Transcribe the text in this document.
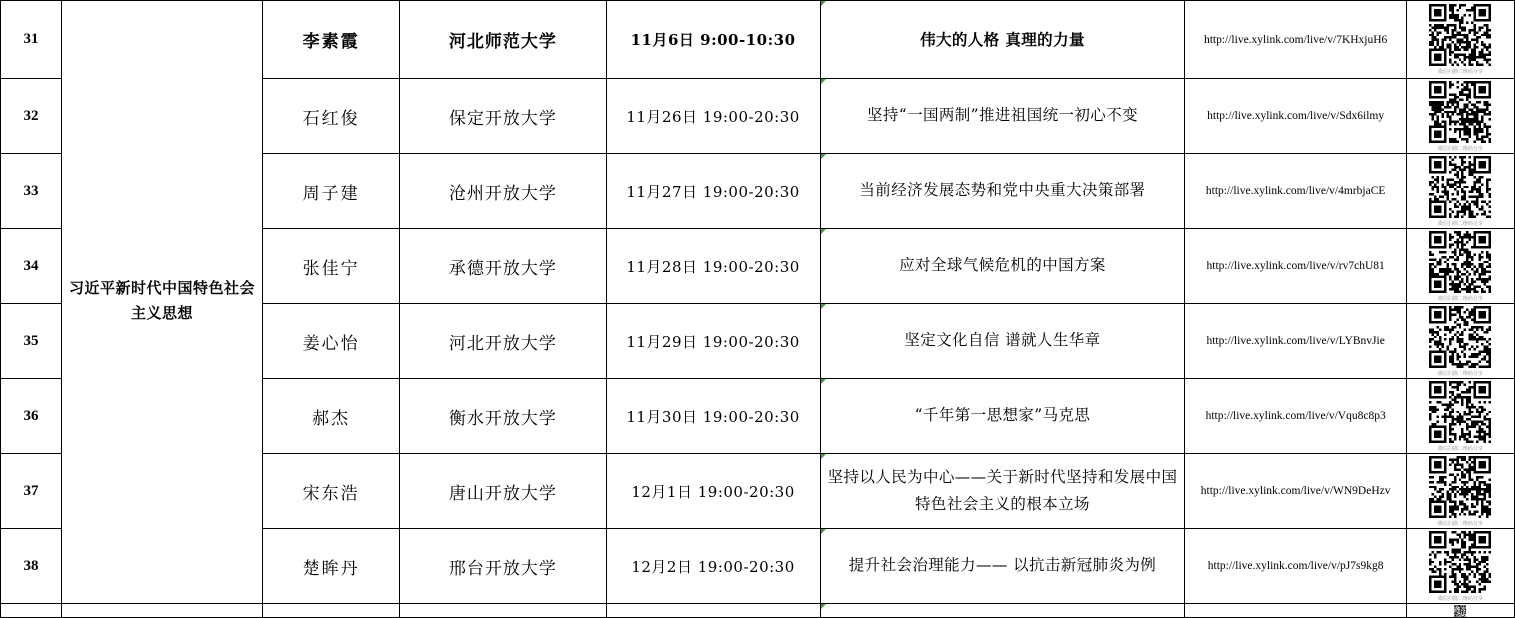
31	习近平新时代中国特色社会主义思想	李素霞	河北师范大学	11月6日 9:00-10:30	伟大的人格 真理的力量	http://live.xylink.com/live/v/7KHxjuH6	微信扫描二维码分享

32		石红俊	保定开放大学	11月26日 19:00-20:30	坚持“一国两制”推进祖国统一初心不变	http://live.xylink.com/live/v/Sdx6ilmy	微信扫描二维码分享

33		周子建	沧州开放大学	11月27日 19:00-20:30	当前经济发展态势和党中央重大决策部署	http://live.xylink.com/live/v/4mrbjaCE	微信扫描二维码分享

34		张佳宁	承德开放大学	11月28日 19:00-20:30	应对全球气候危机的中国方案	http://live.xylink.com/live/v/rv7chU81	微信扫描二维码分享

35		姜心怡	河北开放大学	11月29日 19:00-20:30	坚定文化自信 谱就人生华章	http://live.xylink.com/live/v/LYBnvJie	微信扫描二维码分享

36		郝杰	衡水开放大学	11月30日 19:00-20:30	“千年第一思想家”马克思	http://live.xylink.com/live/v/Vqu8c8p3	微信扫描二维码分享

37		宋东浩	唐山开放大学	12月1日 19:00-20:30	坚持以人民为中心——关于新时代坚持和发展中国特色社会主义的根本立场	http://live.xylink.com/live/v/WN9DeHzv	微信扫描二维码分享

38		楚眸丹	邢台开放大学	12月2日 19:00-20:30	提升社会治理能力—— 以抗击新冠肺炎为例	http://live.xylink.com/live/v/pJ7s9kg8	微信扫描二维码分享
